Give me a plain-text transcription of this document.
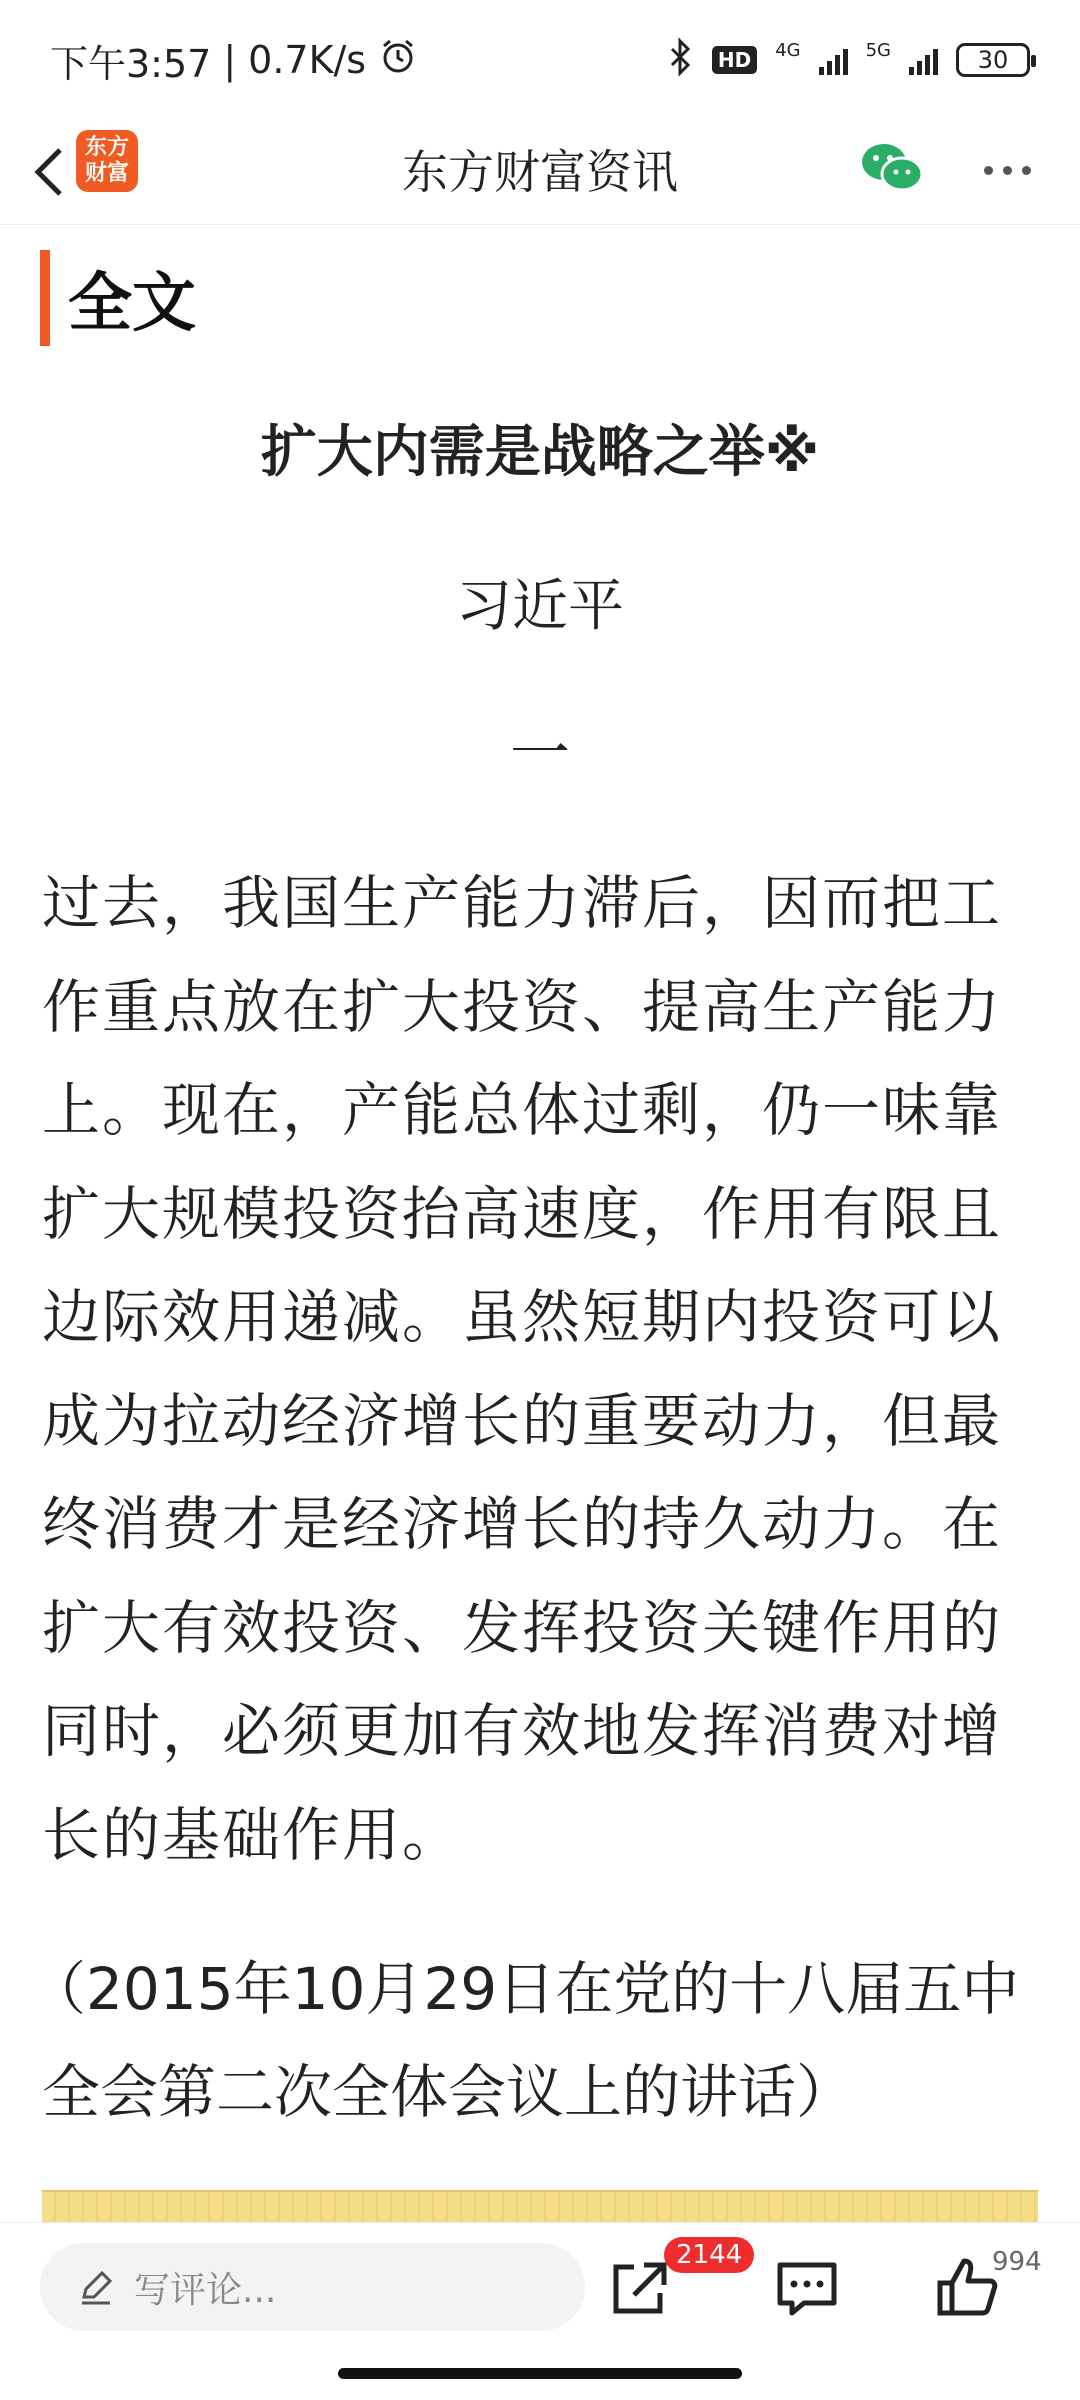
下午3:57 | 0.7K/s	HD	4G	5G	30
东方
财富	东方财富资讯
全文
扩大内需是战略之举※
习近平
一

过去，我国生产能力滞后，因而把工作重点放在扩大投资、提高生产能力上。现在，产能总体过剩，仍一味靠扩大规模投资抬高速度，作用有限且边际效用递减。虽然短期内投资可以成为拉动经济增长的重要动力，但最终消费才是经济增长的持久动力。在扩大有效投资、发挥投资关键作用的同时，必须更加有效地发挥消费对增长的基础作用。

（2015年10月29日在党的十八届五中全会第二次全体会议上的讲话）

写评论...
2144	994
